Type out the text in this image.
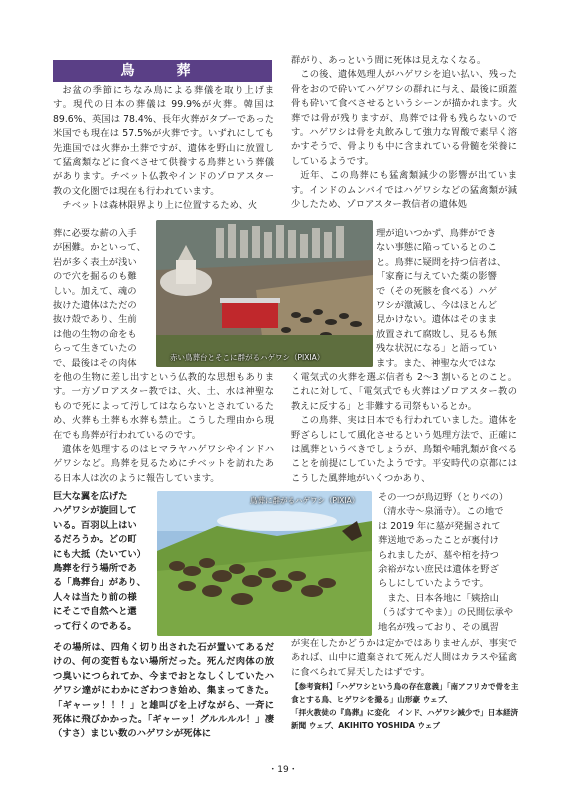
鳥　葬

お盆の季節にちなみ鳥による葬儀を取り上げます。現代の日本の葬儀は 99.9%が火葬。韓国は 89.6%、英国は 78.4%、長年火葬がタブーであった米国でも現在は 57.5%が火葬です。いずれにしても先進国では火葬か土葬ですが、遺体を野山に放置して猛禽類などに食べさせて供養する鳥葬という葬儀があります。チベット仏教やインドのゾロアスター教の文化圏では現在も行われています。

チベットは森林限界より上に位置するため、火

葬に必要な薪の入手
が困難。かといって、
岩が多く表土が浅い
ので穴を掘るのも難
しい。加えて、魂の
抜けた遺体はただの
抜け殻であり、生前
は他の生物の命をも
らって生きていたの
で、最後はその肉体
赤い鳥葬台とそこに群がるハゲワシ（PIXIA）

を他の生物に差し出すという仏教的な思想もあります。一方ゾロアスター教では、火、土、水は神聖なもので死によって汚してはならないとされているため、火葬も土葬も水葬も禁止。こうした理由から現在でも鳥葬が行われているのです。

遺体を処理するのはヒマラヤハゲワシやインドハゲワシなど。鳥葬を見るためにチベットを訪れたある日本人は次のように報告しています。

巨大な翼を広げた
ハゲワシが旋回して
いる。百羽以上はい
るだろうか。どの町
にも大抵（たいてい）
鳥葬を行う場所であ
る「鳥葬台」があり、
人々は当たり前の様
にそこで自然へと還
って行くのである。
鳥葬に群がるハゲワシ（PIXIA）

その場所は、四角く切り出された石が置いてあるだけの、何の変哲もない場所だった。死んだ肉体の放つ臭いにつられてか、今までおとなしくしていたハゲワシ達がにわかにざわつき始め、集まってきた。「ギャーッ！！！」と雄叫びを上げながら、一斉に死体に飛びかかった。「ギャーッ！グルルルル！」凄（すさ）まじい数のハゲワシが死体に

群がり、あっという間に死体は見えなくなる。

この後、遺体処理人がハゲワシを追い払い、残った骨をおので砕いてハゲワシの群れに与え、最後に頭蓋骨も砕いて食べさせるというシーンが描かれます。火葬では骨が残りますが、鳥葬では骨も残らないのです。ハゲワシは骨を丸飲みして強力な胃酸で素早く溶かすそうで、骨よりも中に含まれている骨髄を栄養にしているようです。

近年、この鳥葬にも猛禽類減少の影響が出ています。インドのムンバイではハゲワシなどの猛禽類が減少したため、ゾロアスター教信者の遺体処

理が追いつかず、鳥葬ができ
ない事態に陥っているとのこ
と。鳥葬に疑問を持つ信者は、
「家畜に与えていた薬の影響
で（その死骸を食べる）ハゲ
ワシが激減し、今はほとんど
見かけない。遺体はそのまま
放置されて腐敗し、見るも無
残な状況になる」と語ってい
ます。また、神聖な火ではな

く電気式の火葬を選ぶ信者も 2～3 割いるとのこと。これに対して、「電気式でも火葬はゾロアスター教の教えに反する」と非難する司祭もいるとか。

この鳥葬、実は日本でも行われていました。遺体を野ざらしにして風化させるという処理方法で、正確には風葬というべきでしょうが、鳥類や哺乳類が食べることを前提にしていたようです。平安時代の京都にはこうした風葬地がいくつかあり、

その一つが鳥辺野（とりべの）
（清水寺～泉涌寺）。この地で
は 2019 年に墓が発掘されて
葬送地であったことが裏付け
られましたが、墓や棺を持つ
余裕がない庶民は遺体を野ざ
らしにしていたようです。
　また、日本各地に「姨捨山
（うばすてやま）」の民間伝承や
地名が残っており、その風習

が実在したかどうかは定かではありませんが、事実であれば、山中に遺棄されて死んだ人間はカラスや猛禽に食べられて昇天したはずです。

【参考資料】「ハゲワシという鳥の存在意義」「南アフリカで骨を主食とする鳥、ヒゲワシを撮る」山形豪 ウェブ、
「拝火教徒の『鳥葬』に変化　インド、ハゲワシ減少で」日本経済新聞 ウェブ、AKIHITO YOSHIDA ウェブ
・19・
